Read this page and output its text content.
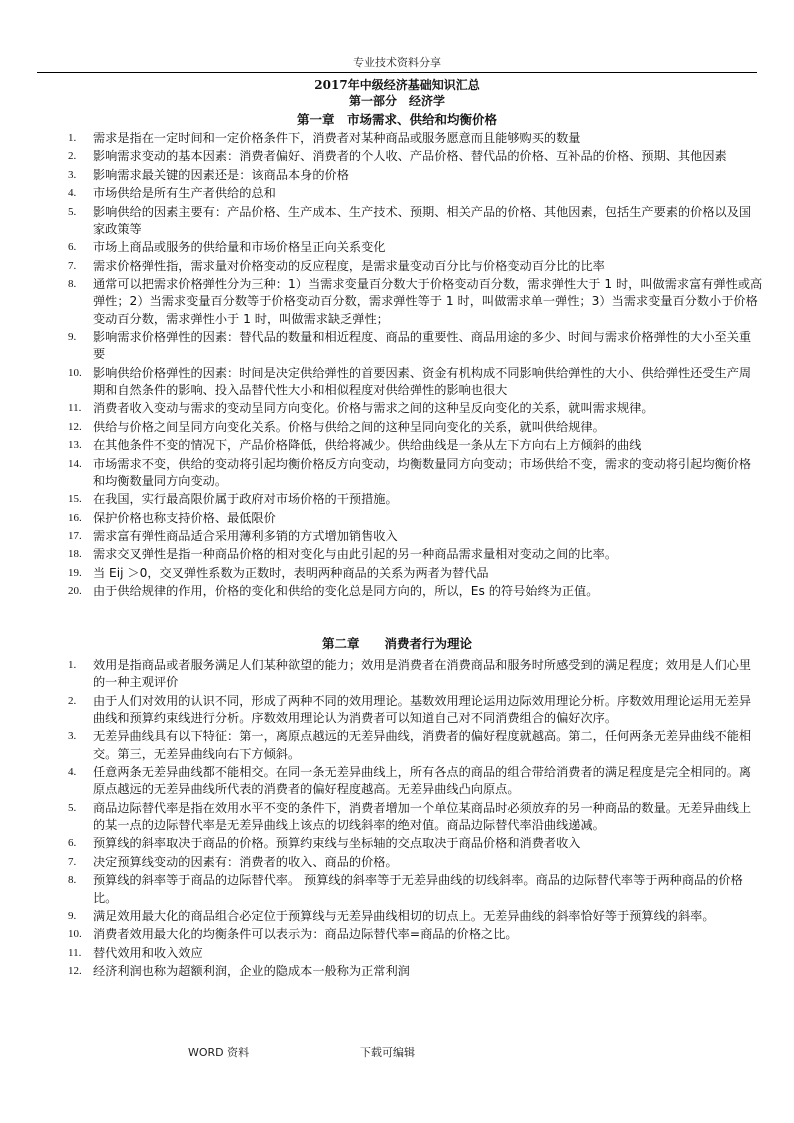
专业技术资料分享
2017年中级经济基础知识汇总
第一部分　经济学
第一章　市场需求、供给和均衡价格
1.	需求是指在一定时间和一定价格条件下，消费者对某种商品或服务愿意而且能够购买的数量
2.	影响需求变动的基本因素：消费者偏好、消费者的个人收、产品价格、替代品的价格、互补品的价格、预期、其他因素
3.	影响需求最关键的因素还是：该商品本身的价格
4.	市场供给是所有生产者供给的总和
5.	影响供给的因素主要有：产品价格、生产成本、生产技术、预期、相关产品的价格、其他因素，包括生产要素的价格以及国家政策等
6.	市场上商品或服务的供给量和市场价格呈正向关系变化
7.	需求价格弹性指，需求量对价格变动的反应程度，是需求量变动百分比与价格变动百分比的比率
8.	通常可以把需求价格弹性分为三种：1）当需求变量百分数大于价格变动百分数，需求弹性大于 1 时，叫做需求富有弹性或高弹性；2）当需求变量百分数等于价格变动百分数，需求弹性等于 1 时，叫做需求单一弹性；3）当需求变量百分数小于价格变动百分数，需求弹性小于 1 时，叫做需求缺乏弹性；
9.	影响需求价格弹性的因素：替代品的数量和相近程度、商品的重要性、商品用途的多少、时间与需求价格弹性的大小至关重要
10. 影响供给价格弹性的因素：时间是决定供给弹性的首要因素、资金有机构成不同影响供给弹性的大小、供给弹性还受生产周期和自然条件的影响、投入品替代性大小和相似程度对供给弹性的影响也很大
11. 消费者收入变动与需求的变动呈同方向变化。价格与需求之间的这种呈反向变化的关系，就叫需求规律。
12. 供给与价格之间呈同方向变化关系。价格与供给之间的这种呈同向变化的关系，就叫供给规律。
13. 在其他条件不变的情况下，产品价格降低，供给将减少。供给曲线是一条从左下方向右上方倾斜的曲线
14. 市场需求不变，供给的变动将引起均衡价格反方向变动，均衡数量同方向变动；市场供给不变，需求的变动将引起均衡价格和均衡数量同方向变动。
15. 在我国，实行最高限价属于政府对市场价格的干预措施。
16. 保护价格也称支持价格、最低限价
17. 需求富有弹性商品适合采用薄利多销的方式增加销售收入
18. 需求交叉弹性是指一种商品价格的相对变化与由此引起的另一种商品需求量相对变动之间的比率。
19. 当 Eij ＞0，交叉弹性系数为正数时，表明两种商品的关系为两者为替代品
20. 由于供给规律的作用，价格的变化和供给的变化总是同方向的，所以，Es 的符号始终为正值。
第二章　　消费者行为理论
1.	效用是指商品或者服务满足人们某种欲望的能力；效用是消费者在消费商品和服务时所感受到的满足程度；效用是人们心里的一种主观评价
2.	由于人们对效用的认识不同，形成了两种不同的效用理论。基数效用理论运用边际效用理论分析。序数效用理论运用无差异曲线和预算约束线进行分析。序数效用理论认为消费者可以知道自己对不同消费组合的偏好次序。
3.	无差异曲线具有以下特征：第一，离原点越远的无差异曲线，消费者的偏好程度就越高。第二，任何两条无差异曲线不能相交。第三，无差异曲线向右下方倾斜。
4.	任意两条无差异曲线都不能相交。在同一条无差异曲线上，所有各点的商品的组合带给消费者的满足程度是完全相同的。离原点越远的无差异曲线所代表的消费者的偏好程度越高。无差异曲线凸向原点。
5.	商品边际替代率是指在效用水平不变的条件下，消费者增加一个单位某商品时必须放弃的另一种商品的数量。无差异曲线上的某一点的边际替代率是无差异曲线上该点的切线斜率的绝对值。商品边际替代率沿曲线递减。
6.	预算线的斜率取决于商品的价格。预算约束线与坐标轴的交点取决于商品价格和消费者收入
7.	决定预算线变动的因素有：消费者的收入、商品的价格。
8.	预算线的斜率等于商品的边际替代率。 预算线的斜率等于无差异曲线的切线斜率。商品的边际替代率等于两种商品的价格比。
9.	满足效用最大化的商品组合必定位于预算线与无差异曲线相切的切点上。无差异曲线的斜率恰好等于预算线的斜率。
10. 消费者效用最大化的均衡条件可以表示为：商品边际替代率=商品的价格之比。
11. 替代效用和收入效应
12. 经济利润也称为超额利润，企业的隐成本一般称为正常利润
WORD 资料	下载可编辑
